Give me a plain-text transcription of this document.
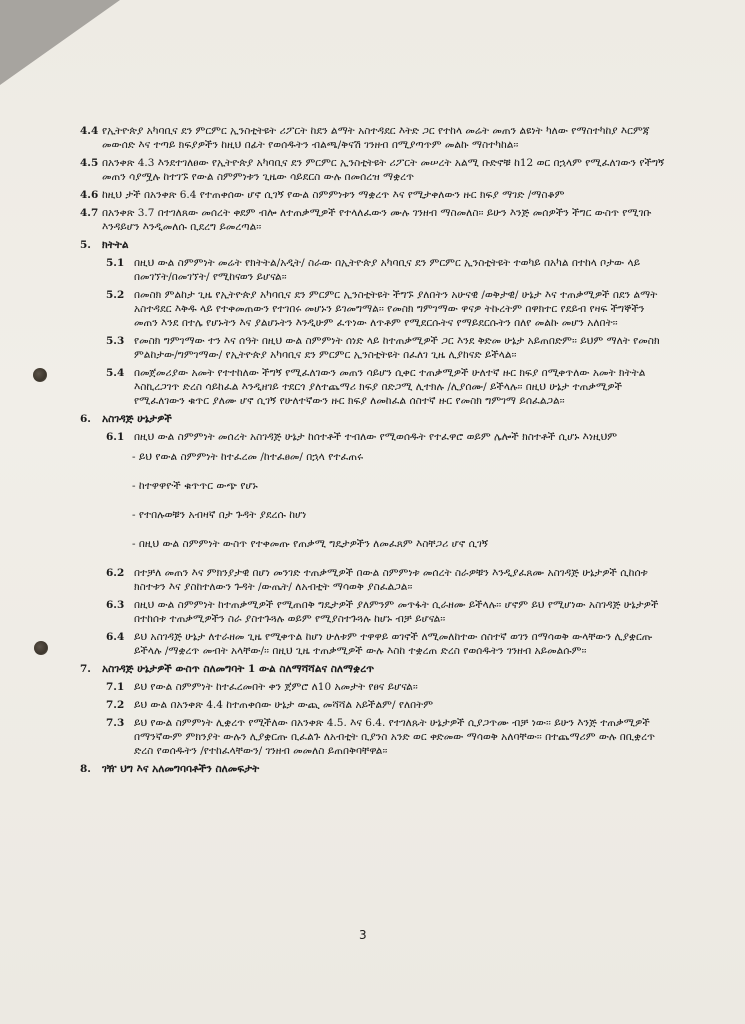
4.4 የኢትዮጵያ አካባቢና ደን ምርምር ኢንስቲትዩት ሪፖርት ከደን ልማት አስተዳደር እትድ ጋር የተከላ መሬት መጠን ልዩነት ካለው የማስተካከያ እርምጃ መውሰድ እና ተጣይ ክፍያዎችን ከዚህ በፊት የወሰዱትን ብልጫ/ቅናሽ ገንዘብ በሚያጣጥም መልኩ ማስተካከል፡፡
4.5 በአንቀጽ 4.3 እንደተገለፀው የኢትዮጵያ አካባቢና ደን ምርምር ኢንስቲትዩት ሪፖርት መሠረት አልሚ ቡድኖቹ ከ12 ወር በኋላም የሚፈለገውን የችግኝ መጠን ሳያሟሉ ከተገኙ የውል ስምምነቱን ጊዜው ሳይደርስ ውሉ በመሰረዝ ማቋረጥ
4.6 ከዚህ ታች በአንቀጽ 6.4 የተጠቀሰው ሆኖ ሲገኝ የውል ስምምነቱን ማቋረጥ እና የሚታቀለውን ዙር ክፍያ ማገድ /ማስቆም
4.7 በአንቀጽ 3.7 በተገለጸው መሰረት ቀደም ብሎ ለተጠቃሚዎች የተላለፈውን ሙሉ ገንዘብ ማስመለስ፡፡ ይሁን እንጅ መሰዎችን ችግር ውስጥ የሚገቡ እንዳይሆን እንዲመለሱ ቢደረግ ይመረጣል፡፡
5. ክትትል
5.1 በዚህ ውል ስምምነት መሬት የክትትል/አዲት/ ስራው በኢትዮጵያ አካባቢና ደን ምርምር ኢንስቲትዩት ተወካይ በአካል በተከላ ቦታው ላይ በመገኘት/በመገኘት/ የሚከናወን ይሆናል፡፡
5.2 በመስክ ምልከታ ጊዜ የኢትዮጵያ አካባቢና ደን ምርምር ኢንስቲትዩት ችግኙ ያለበትን አሁናዊ /ወቅታዊ/ ሁኔታ እና ተጠቃሚዎች በደን ልማት አስተዳደር እቅዱ ላይ የተቀመጠውን የተገበሩ መሆኑን ይገመግማል፡፡ የመስክ ግምገማው ዋናዎ ትኩረትም በዋክተር የደይብ የዛፍ ችግኞችን መጠን እንደ በተሌ የሆኑትን እና ያልሆኑትን እንዲሁም ፈጥነው ለጥቶም የሚደርሱትና የማይደርሱትን በለየ መልኩ መሆን አለበት፡፡
5.3 የመስክ ግምገማው ተን እና ሰዓት በዚህ ውል ስምምነት ሰነድ ላይ ከተጠቃሚዎች ጋር እንደ ቅድመ ሁኔታ አይጠበድም፡፡ ይህም ማለት የመስክ ምልከታው/ግምገማው/ የኢትዮጵያ አካባቢና ደን ምርምር ኢንስቲትዩት በፈለገ ጊዜ ሊያከናድ ይችላል፡፡
5.4 በመጀመሪያው አመት የተተከለው ችግኝ የሚፈለገውን መጠን ሳይሆን ሲቀር ተጠቃሚዎች ሁለተኛ ዙር ክፍያ በሚቀጥለው አመት ክትትል እስኪረጋገጥ ድረስ ሳይከፈል እንዲዘገይ ተደርጎ ያለተጨማሪ ክፍያ በድጋሚ ሊተክሉ /ሊያሰሙ/ ይችላሉ፡፡ በዚህ ሁኔታ ተጠቃሚዎች የሚፈለገውን ቁጥር ያለሙ ሆኖ ሲገኝ የሁለተኛውን ዙር ክፍያ ለመከፈል ሰስተኛ ዙር የመስክ ግምገማ ይሰፈልጋል፡፡
6. አስገዳጅ ሁኔታዎች
6.1 በዚህ ውል ስምምነት መሰረት አስገዳጅ ሁኔታ ከሰተቶች ተብለው የሚወሰዱት የተፈዋሮ ወይም ሌሎች ክስተቶች ሲሆኑ እነዚህም
- ይህ የውል ስምምነት ከተፈረመ /ከተፈፀመ/ በኋላ የተፈጠሩ
- ከተዋዋዮች ቁጥጥር ውጭ የሆኑ
- የተበሉወቹን አብዛኛ በታ ጉዳት ያደረሱ ከሆነ
- በዚህ ውል ስምምነት ውስጥ የተቀመጡ የጠቃሚ ግዴታዎችን ለመፈጸም እስቸጋሪ ሆኖ ሲገኝ
6.2 በተቻለ መጠን እና ምክንያታዊ በሆነ መንገድ ተጠቃሚዎች በውል ስምምነቱ መሰረት ስራዎቹን እንዲያፈጸሙ አስገዳጅ ሁኔታዎች ሲከሰቱ ክስተቱን እና ያስከተለውን ጉዳት /ውጤት/ ለአብቲት ማሳወቅ ያስፈልጋል፡፡
6.3 በዚህ ውል ስምምነት ከተጠቃሚዎች የሚጠበቅ ግዴታዎች ያለምንም መጥፋት ሲራዘሙ ይችላሉ፡፡ ሆኖም ይህ የሚሆነው አስገዳጅ ሁኔታዎች በተከሰቱ ተጠቃሚዎችን ስራ ያስተጉጓሉ ወይም የሚያስተጉጓሉ ከሆኑ ብቻ ይሆናል፡፡
6.4 ይህ አስገዳጅ ሁኔታ ለተራዘመ ጊዜ የሚቀጥል ከሆነ ሁለቱም ተዋዋይ ወገኖች ለሚመለከተው ሰስተኛ ወገን በማሳወቅ ውላቸውን ሊያቋርጡ ይችላሉ /ማቋረጥ መብት አላቸው/፡፡ በዚህ ጊዜ ተጠቃሚዎች ውሉ እስከ ተቋረጠ ድረስ የወሰዱትን ገንዘብ አይመልሱም፡፡
7. አስገዳጅ ሁኔታዎች ውስጥ ስለመግባት 1 ውል ስለማሻሻልና ስለማቋረጥ
7.1 ይህ የውል ስምምነት ከተፈረመበት ቀን ጀምሮ ለ10 አመታት የፀና ይሆናል፡፡
7.2 ይህ ውል በአንቀጽ 4.4 ከተጠቀሰው ሁኔታ ውጪ መሻሻል አይችልም/ የለበትም
7.3 ይህ የውል ስምምነት ሊቋረጥ የሚችለው በአንቀጽ 4.5. እና 6.4. የተገለጹት ሁኔታዎች ሲያጋጥሙ ብቻ ነው፡፡ ይሁን እንጅ ተጠቃሚዎች በማንኛውም ምክንያት ውሉን ሊያቋርጡ ቢፈልጉ ለአብቲት ቢያንስ አንድ ወር ቀድመው ማሳወቅ አለባቸው፡፡ በተጨማሪም ውሉ በቢቋረጥ ድረስ የወሰዱትን /የተከፈላቸውን/ ገንዘብ መመለስ ይጠበቅባቸዋል፡፡
8. ገዥ ህግ እና አለመግባባቶችን ስለመፍታት
3
